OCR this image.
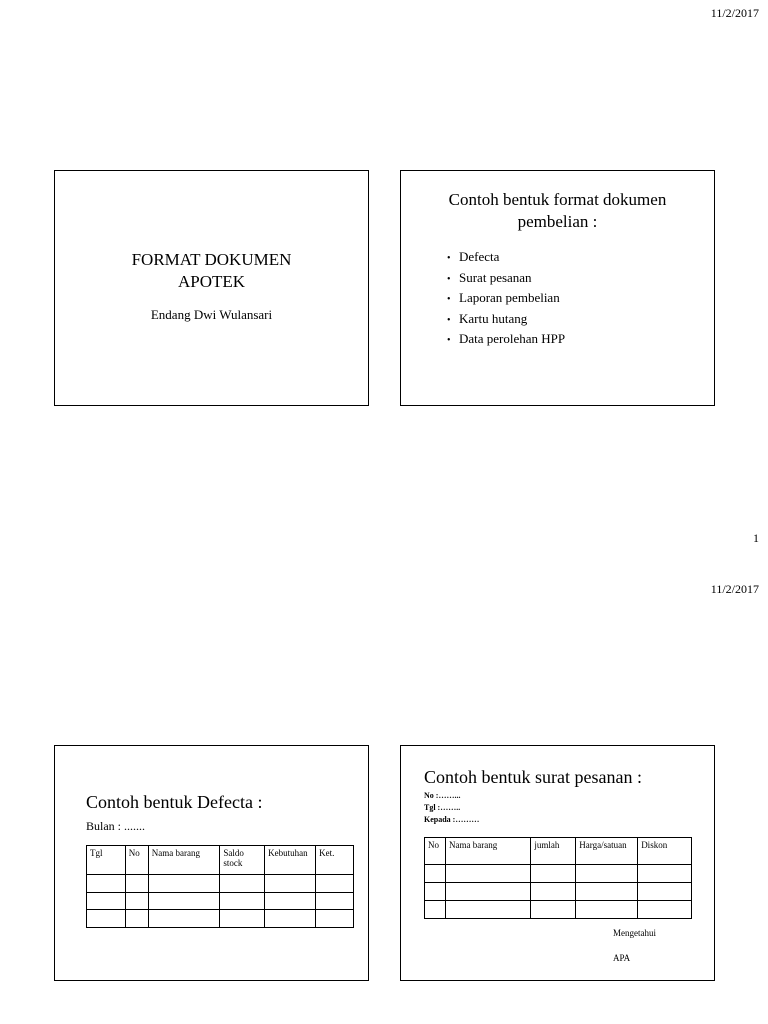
11/2/2017
FORMAT DOKUMEN
APOTEK
Endang Dwi Wulansari
Contoh bentuk format dokumen
pembelian :
• Defecta
• Surat pesanan
• Laporan pembelian
• Kartu hutang
• Data perolehan HPP
1
11/2/2017
Contoh bentuk Defecta :
Bulan : .......
Tgl	No	Nama barang	Saldo stock	Kebutuhan	Ket.

Contoh bentuk surat pesanan :
No :……...
Tgl :……..
Kepada :………
No	Nama barang	jumlah	Harga/satuan	Diskon

Mengetahui
APA
